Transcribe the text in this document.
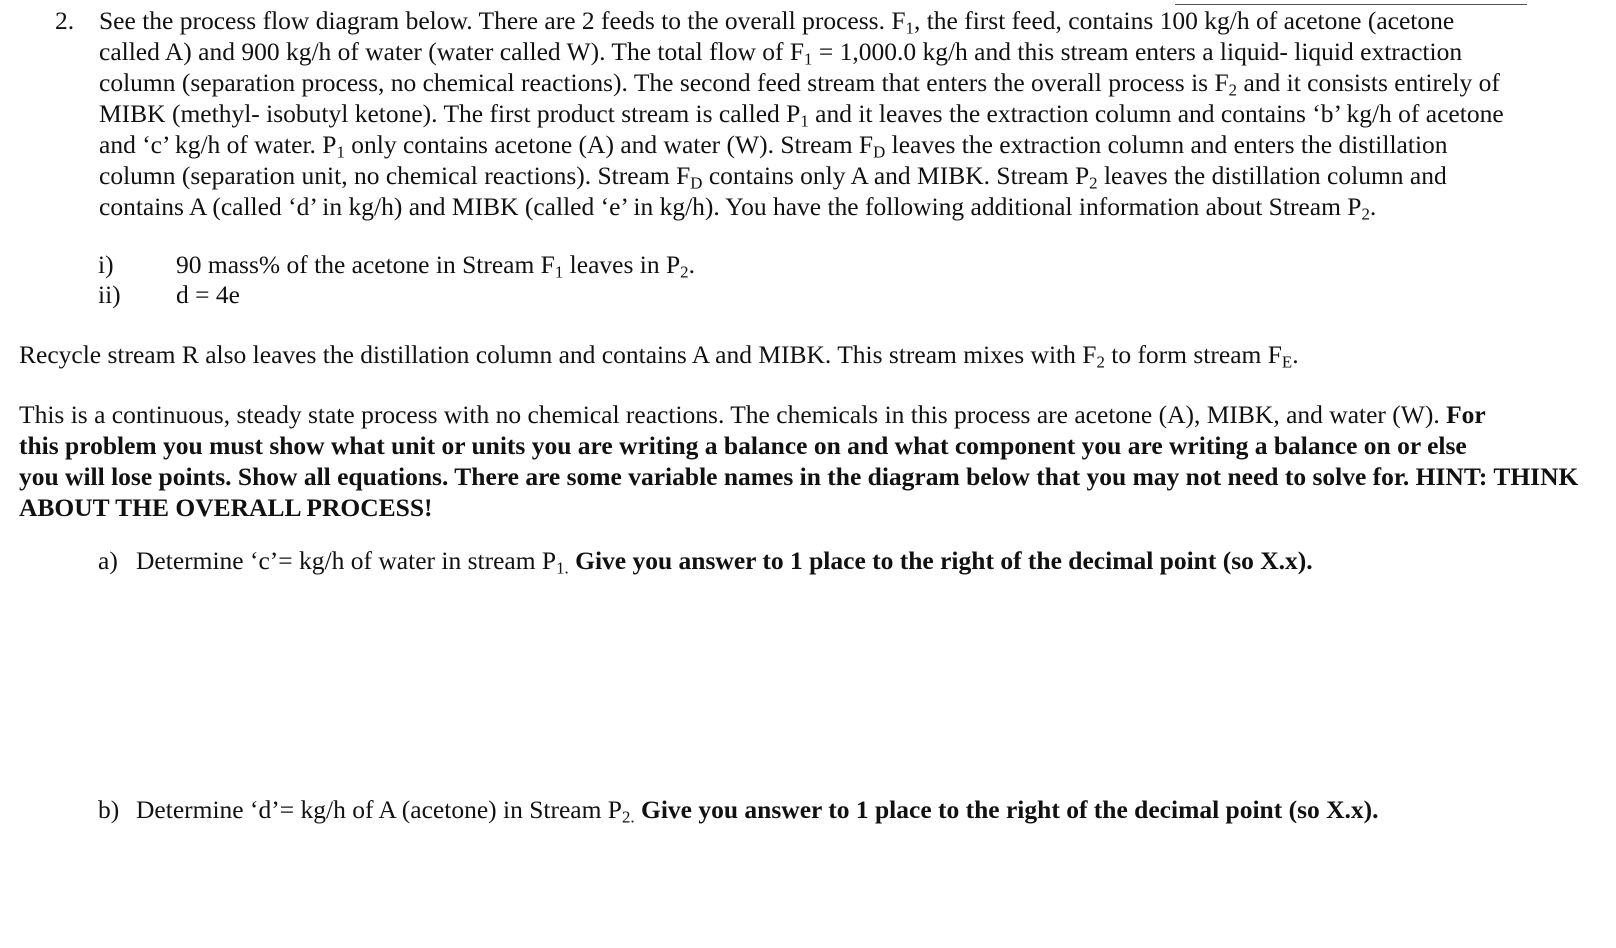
2. See the process flow diagram below. There are 2 feeds to the overall process. $F_1$, the first feed, contains 100 kg/h of acetone (acetone
called A) and 900 kg/h of water (water called W). The total flow of $F_1 = 1,000.0$ kg/h and this stream enters a liquid- liquid extraction
column (separation process, no chemical reactions). The second feed stream that enters the overall process is $F_2$ and it consists entirely of
MIBK (methyl- isobutyl ketone). The first product stream is called $P_1$ and it leaves the extraction column and contains ‘b’ kg/h of acetone
and ‘c’ kg/h of water. $P_1$ only contains acetone (A) and water (W). Stream $F_D$ leaves the extraction column and enters the distillation
column (separation unit, no chemical reactions). Stream $F_D$ contains only A and MIBK. Stream $P_2$ leaves the distillation column and
contains A (called ‘d’ in kg/h) and MIBK (called ‘e’ in kg/h). You have the following additional information about Stream $P_2$.
i) 90 mass% of the acetone in Stream $F_1$ leaves in $P_2$.
ii) d = 4e
Recycle stream R also leaves the distillation column and contains A and MIBK. This stream mixes with $F_2$ to form stream $F_E$.
This is a continuous, steady state process with no chemical reactions. The chemicals in this process are acetone (A), MIBK, and water (W). For
this problem you must show what unit or units you are writing a balance on and what component you are writing a balance on or else
you will lose points. Show all equations. There are some variable names in the diagram below that you may not need to solve for. HINT: THINK
ABOUT THE OVERALL PROCESS!
a) Determine ‘c’= kg/h of water in stream $P_{1.}$ Give you answer to 1 place to the right of the decimal point (so X.x).
b) Determine ‘d’= kg/h of A (acetone) in Stream $P_{2.}$ Give you answer to 1 place to the right of the decimal point (so X.x).
